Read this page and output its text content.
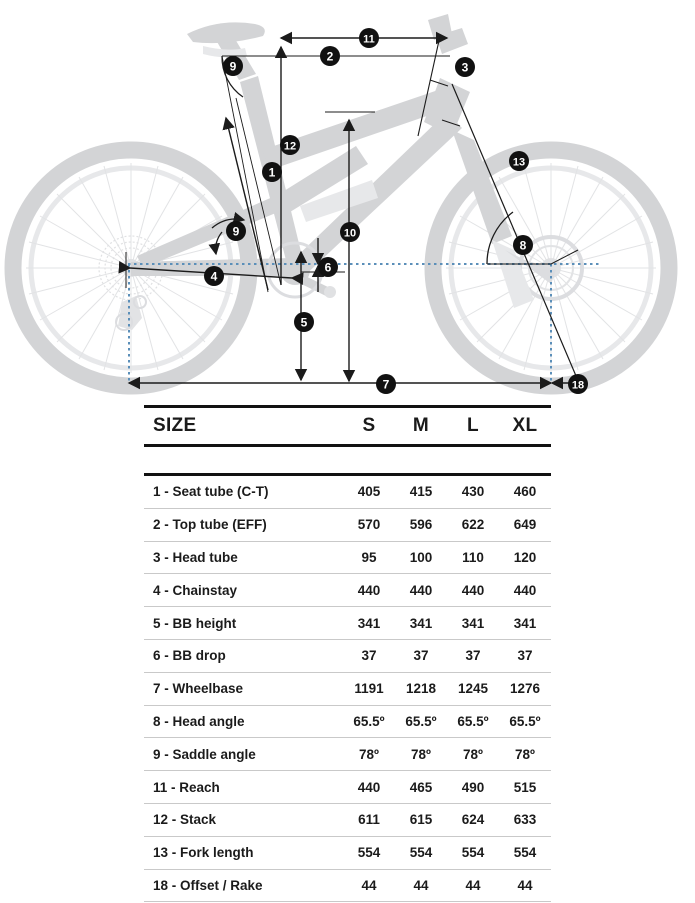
1
2
3
4
5
6
7
8
9
9	10
11
12
13
18
SIZE	S	M	L	XL

1 - Seat tube (C-T)	405	415	430	460
2 - Top tube (EFF)	570	596	622	649
3 - Head tube	95	100	110	120
4 - Chainstay	440	440	440	440
5 - BB height	341	341	341	341
6 - BB drop	37	37	37	37
7 - Wheelbase	1191	1218	1245	1276
8 - Head angle	65.5º	65.5º	65.5º	65.5º
9 - Saddle angle	78º	78º	78º	78º
11 - Reach	440	465	490	515
12 - Stack	611	615	624	633
13 - Fork length	554	554	554	554
18 - Offset / Rake	44	44	44	44
